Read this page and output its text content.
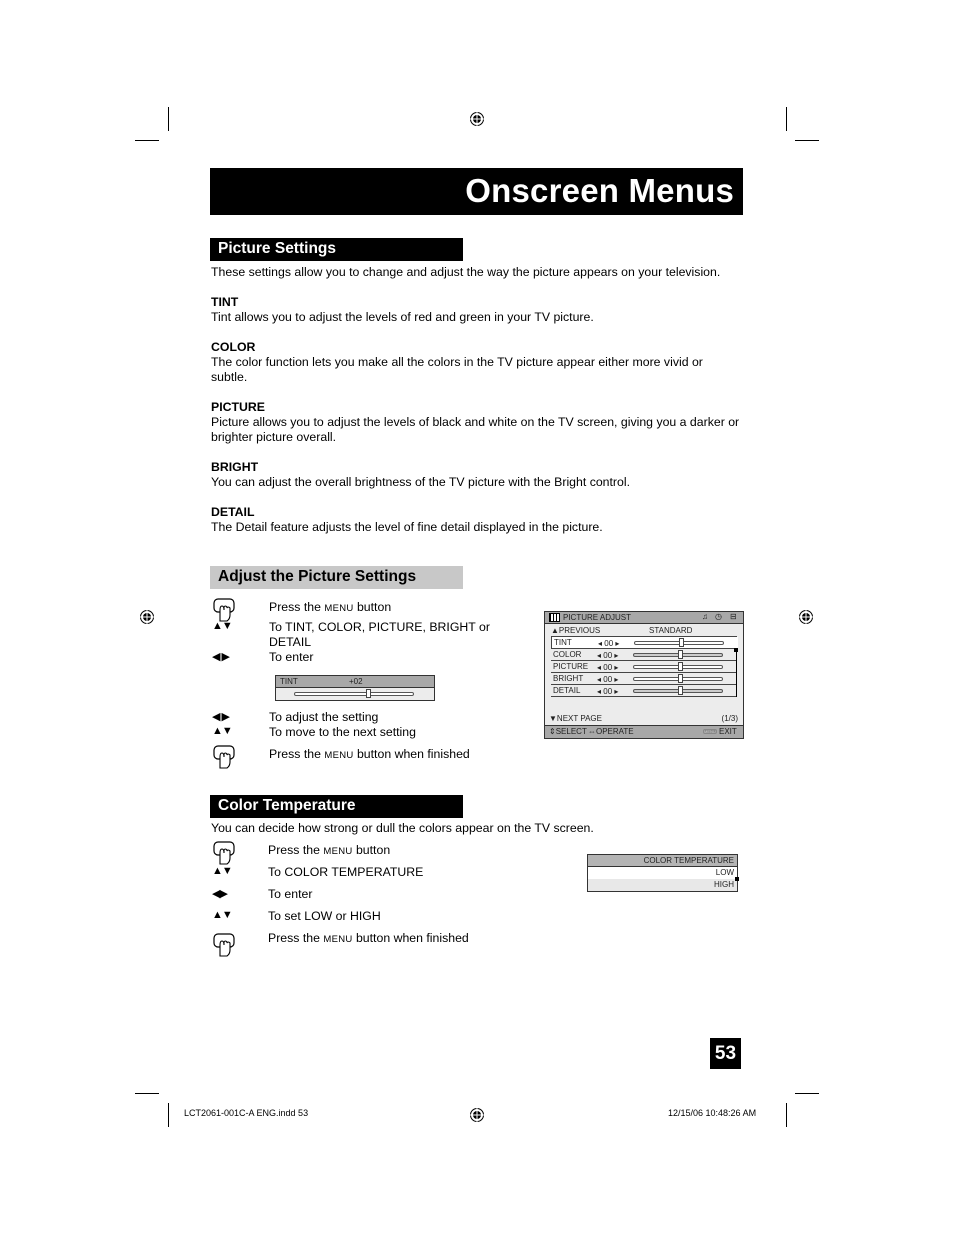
Onscreen Menus
Picture Settings
These settings allow you to change and adjust the way the picture appears on your television.
TINT
Tint allows you to adjust the levels of red and green in your TV picture.
COLOR
The color function lets you make all the colors in the TV picture appear either more vivid or subtle.
PICTURE
Picture allows you to adjust the levels of black and white on the TV screen, giving you a darker or brighter picture overall.
BRIGHT
You can adjust the overall brightness of the TV picture with the Bright control.
DETAIL
The Detail feature adjusts the level of fine detail displayed in the picture.
Adjust the Picture Settings
Press the MENU button
▲▼	To TINT, COLOR, PICTURE, BRIGHT or
DETAIL
◀ ▶	To enter
TINT	+02
◀ ▶	To adjust the setting
▲▼	To move to the next setting
Press the MENU button when finished
PICTURE ADJUST	♫ ◷ ⊟
▲PREVIOUS	STANDARD
TINT	◂ 00 ▸
COLOR ◂ 00 ▸
PICTURE ◂ 00 ▸
BRIGHT ◂ 00 ▸
DETAIL ◂ 00 ▸
▼NEXT PAGE	(1/3)
⇕SELECT ⇔OPERATE	MENU EXIT
Color Temperature
You can decide how strong or dull the colors appear on the TV screen.
Press the MENU button
▲▼	To COLOR TEMPERATURE
◀▶	To enter
▲▼	To set LOW or HIGH
Press the MENU button when finished
COLOR TEMPERATURE
LOW
HIGH
53
LCT2061-001C-A ENG.indd 53	12/15/06 10:48:26 AM
